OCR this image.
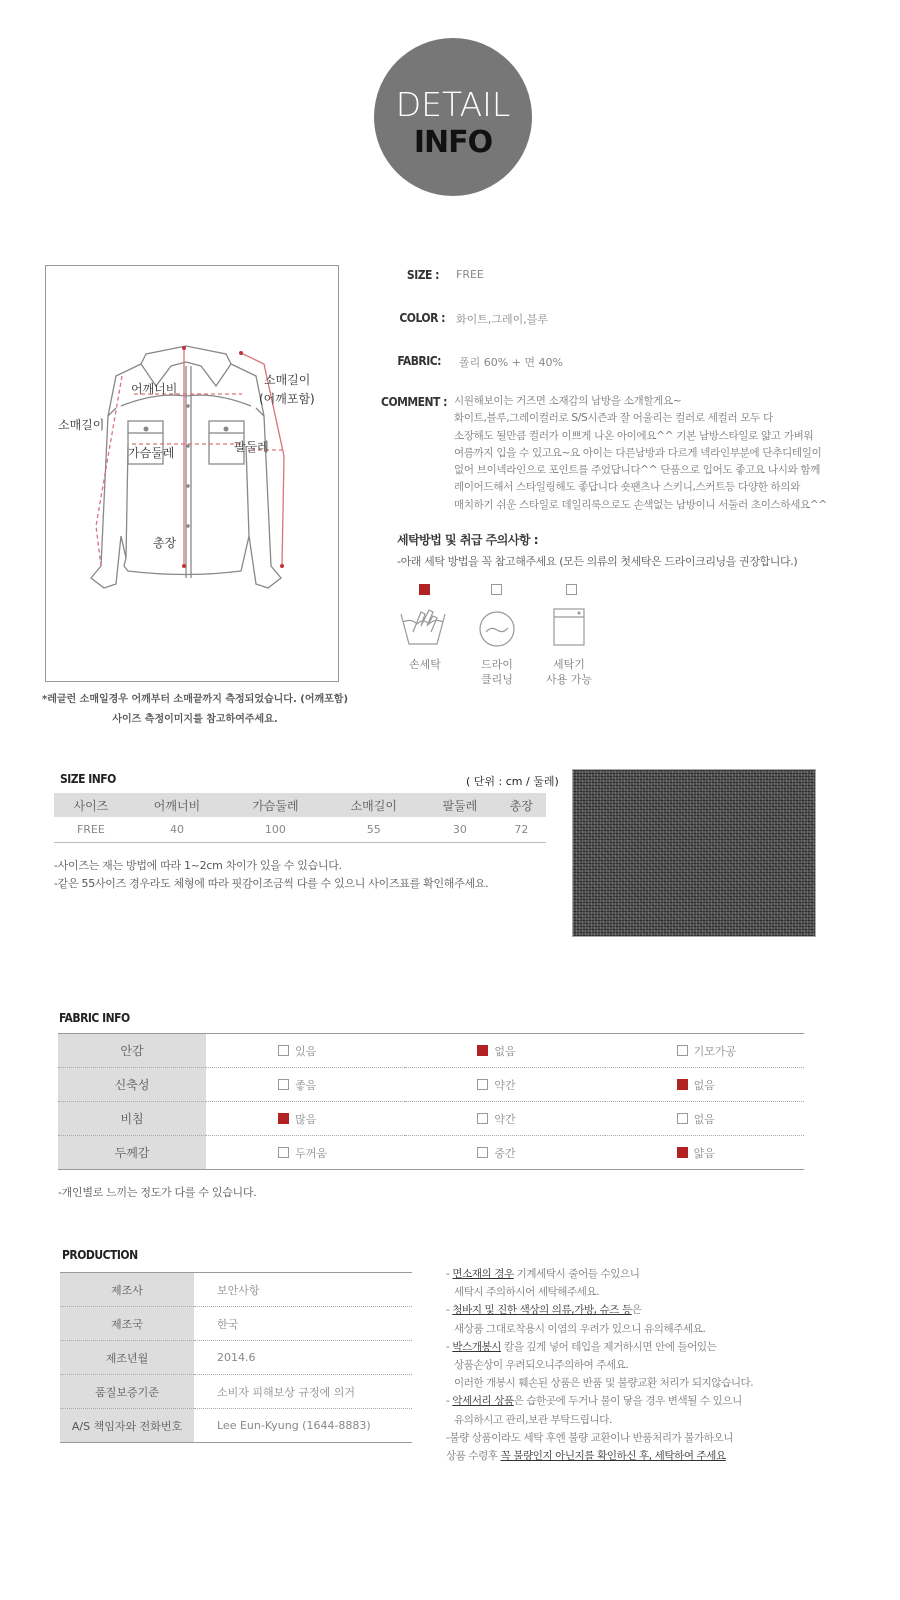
DETAIL
INFO
어깨너비
소매길이
(어깨포함)
소매길이
가슴둘레	팔둘레
총장
*레글런 소매일경우 어깨부터 소매끝까지 측정되었습니다. (어깨포함)
사이즈 측정이미지를 참고하여주세요.
SIZE : FREE
COLOR : 화이트,그레이,블루
FABRIC: 폴리 60% + 면 40%
COMMENT : 시원해보이는 거즈면 소재감의 남방을 소개할게요~
화이트,블루,그레이컬러로 S/S시즌과 잘 어울리는 컬러로 세컬러 모두 다
소장해도 될만큼 컬러가 이쁘게 나온 아이에요^^ 기본 남방스타일로 얇고 가벼워
여름까지 입을 수 있고요~요 아이는 다른남방과 다르게 넥라인부분에 단추디테일이
없어 브이넥라인으로 포인트를 주었답니다^^ 단품으로 입어도 좋고요 나시와 함께
레이어드해서 스타일링해도 좋답니다 숏팬츠나 스키니,스커트등 다양한 하의와
매치하기 쉬운 스타일로 데일리룩으로도 손색없는 남방이니 서둘러 초이스하세요^^
세탁방법 및 취급 주의사항 :
-아래 세탁 방법을 꼭 참고해주세요 (모든 의류의 첫세탁은 드라이크리닝을 권장합니다.)
손세탁	드라이
클리닝
세탁기
사용 가능
SIZE INFO	( 단위 : cm / 둘레)
사이즈	어깨너비	가슴둘레	소매길이	팔둘레	총장
FREE	40	100	55	30	72
-사이즈는 재는 방법에 따라 1~2cm 차이가 있을 수 있습니다.
-같은 55사이즈 경우라도 체형에 따라 핏감이조금씩 다를 수 있으니 사이즈표를 확인해주세요.
FABRIC INFO
안감	있음	없음	기모가공
신축성	좋음	약간	없음
비침	많음	약간	없음
두께감	두꺼움	중간	얇음
-개인별로 느끼는 정도가 다를 수 있습니다.
PRODUCTION
제조사	보안사항
제조국	한국
제조년월	2014.6
품질보증기준	소비자 피해보상 규정에 의거
A/S 책임자와 전화번호	Lee Eun-Kyung (1644-8883)
- 면소재의 경우 기계세탁시 줄어들 수있으니
세탁시 주의하시어 세탁해주세요.
- 청바지 및 진한 색상의 의류,가방, 슈즈 등은
새상품 그대로착용시 이염의 우려가 있으니 유의해주세요.
- 박스개봉시 칼을 깊게 넣어 테입을 제거하시면 안에 들어있는
상품손상이 우려되오니주의하여 주세요.
이러한 개봉시 훼손된 상품은 반품 및 불량교환 처리가 되지않습니다.
- 악세서리 상품은 습한곳에 두거나 물이 닿을 경우 변색될 수 있으니
유의하시고 관리,보관 부탁드립니다.
-불량 상품이라도 세탁 후엔 불량 교환이나 반품처리가 불가하오니
상품 수령후 꼭 불량인지 아닌지를 확인하신 후, 세탁하여 주세요
